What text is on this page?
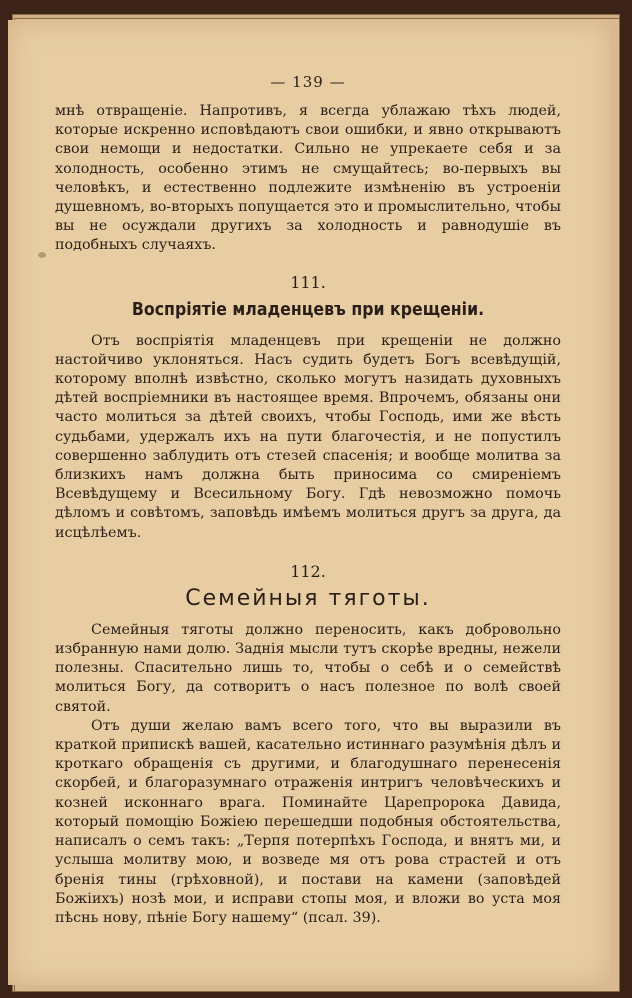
— 139 —

мнѣ отвращеніе. Напротивъ, я всегда ублажаю тѣхъ людей, которые искренно исповѣдаютъ свои ошибки, и явно открываютъ свои немощи и недостатки. Сильно не упрекаете себя и за холодность, особенно этимъ не смущайтесь; во-первыхъ вы человѣкъ, и естественно подлежите измѣненію въ устроеніи душевномъ, во-вторыхъ попущается это и промыслительно, чтобы вы не осуждали другихъ за холодность и равнодушіе въ подобныхъ случаяхъ.

111.
Воспріятіе младенцевъ при крещеніи.

Отъ воспріятія младенцевъ при крещеніи не должно настойчиво уклоняться. Насъ судить будетъ Богъ всевѣдущій, которому вполнѣ извѣстно, сколько могутъ назидать духовныхъ дѣтей воспріемники въ настоящее время. Впрочемъ, обязаны они часто молиться за дѣтей своихъ, чтобы Господь, ими же вѣсть судьбами, удержалъ ихъ на пути благочестія, и не попустилъ совершенно заблудить отъ стезей спасенія; и вообще молитва за близкихъ намъ должна быть приносима со смиреніемъ Всевѣдущему и Всесильному Богу. Гдѣ невозможно помочь дѣломъ и совѣтомъ, заповѣдь имѣемъ молиться другъ за друга, да исцѣлѣемъ.

112.
Семейныя тяготы.

Семейныя тяготы должно переносить, какъ добровольно избранную нами долю. Заднія мысли тутъ скорѣе вредны, нежели полезны. Спасительно лишь то, чтобы о себѣ и о семействѣ молиться Богу, да сотворитъ о насъ полезное по волѣ своей святой.

Отъ души желаю вамъ всего того, что вы выразили въ краткой припискѣ вашей, касательно истиннаго разумѣнія дѣлъ и кроткаго обращенія съ другими, и благодушнаго перенесенія скорбей, и благоразумнаго отраженія интригъ человѣческихъ и козней исконнаго врага. Поминайте Царепророка Давида, который помощію Божіею перешедши подобныя обстоятельства, написалъ о семъ такъ: „Терпя потерпѣхъ Господа, и внятъ ми, и услыша молитву мою, и возведе мя отъ рова страстей и отъ бренія тины (грѣховной), и постави на камени (заповѣдей Божіихъ) нозѣ мои, и исправи стопы моя, и вложи во уста моя пѣснь нову, пѣніе Богу нашему“ (псал. 39).
